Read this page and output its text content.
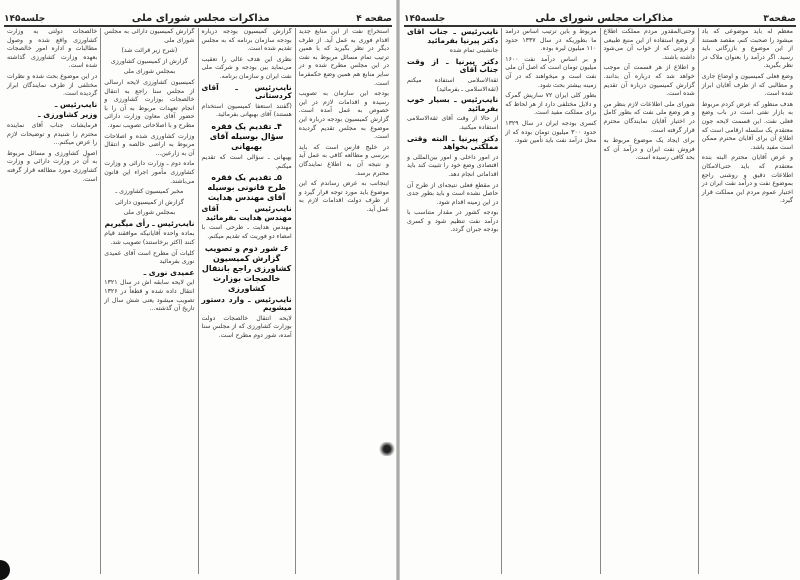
صفحه ۴
مذاکرات مجلس شورای ملی
جلسه۱۴۵

استخراج نفت از این منابع جدید اقدام فوری به عمل آید. از طرف دیگر در نظر بگیرید که با همین ترتیب تمام مسائل مربوط به نفت در این مجلس مطرح شده و در سایر منابع هم همین وضع حکمفرما است.

بودجه این سازمان به تصویب رسیده و اقدامات لازم در این خصوص به عمل آمده است. گزارش کمیسیون بودجه درباره این موضوع به مجلس تقدیم گردیده است.

در خلیج فارس است که باید بررسی و مطالعه کافی به عمل آید و نتیجه آن به اطلاع نمایندگان محترم برسد.

اینجانب به عرض رساندم که این موضوع باید مورد توجه قرار گیرد و از طرف دولت اقدامات لازم به عمل آید.

گزارش کمیسیون بودجه درباره بودجه سازمان برنامه که به مجلس تقدیم شده است.

نظری این هدف عالی را تعقیب می‌نماید بین بودجه و شرکت ملی نفت ایران و سازمان برنامه.

نایب‌رئیس ـ آقای کردستانی

(گفتند استعفا کمیسیون استخدام هستند) آقای بهبهانی بفرمائید.

۴ـ تقدیم یک فقره سؤال بوسیله آقای بهبهانی

بهبهانی ـ سؤالی است که تقدیم میکنم.

۵ـ تقدیم یک فقره طرح قانونی بوسیله آقای مهندس هدایت

نایب‌رئیس ـ آقای مهندس هدایت بفرمائید

مهندس هدایت ـ طرحی است با امضاء دو فوریت که تقدیم میکنم.

۶ـ شور دوم و تصویب گزارش کمیسیون کشاورزی راجع بانتقال خالصجات بوزارت کشاورزی

نایب‌رئیس ـ وارد دستور میشویم

لایحه انتقال خالصجات دولت بوزارت کشاورزی که از مجلس سنا آمده، شور دوم مطرح است.

گزارش کمیسیون دارائی به مجلس شورای ملی

(شرح زیر قرائت شد)

گزارش از کمیسیون کشاورزی

بمجلس شورای ملی

کمیسیون کشاورزی لایحه ارسالی از مجلس سنا راجع به انتقال خالصجات بوزارت کشاورزی و انجام تعهدات مربوط به آن را با حضور آقای معاون وزارت دارائی مطرح و با اصلاحاتی تصویب نمود.

وزارت کشاورزی شده و اصلاحات مربوط به اراضی خالصه و انتقال آن به زارعین...

ماده دوم ـ وزارت دارائی و وزارت کشاورزی مأمور اجراء این قانون می‌باشند.

مخبر کمیسیون کشاورزی ـ

گزارش از کمیسیون دارائی

بمجلس شورای ملی

نایب‌رئیس ـ رأی میگیریم

بماده واحده آقایانیکه موافقند قیام کنند (اکثر برخاستند) تصویب شد.

کلیات آن مطرح است آقای عمیدی نوری بفرمائید

عمیدی نوری ـ

این لایحه سابقه اش در سال ۱۳۲۱ انتقال داده شده و قطعاً در ۱۳۲۶ تصویب میشود یعنی شش سال از تاریخ آن گذشته...

خالصجات دولتی به وزارت کشاورزی واقع شده و وصول مطالبات و اداره امور خالصجات بعهده وزارت کشاورزی گذاشته شده است.

در این موضوع بحث شده و نظرات مختلفی از طرف نمایندگان ابراز گردیده است.

نایب‌رئیس ـ

وزیر کشاورزی ـ

فرمایشات جناب آقای نماینده محترم را شنیدم و توضیحات لازم را عرض میکنم...

اصول کشاورزی و مسائل مربوط به آن در وزارت دارائی و وزارت کشاورزی مورد مطالعه قرار گرفته است.

صفحه۳
مذاکرات مجلس شورای ملی
جلسه۱۴۵

معظم له باید موضوعی که یاد میشود را صحبت کنم، مقصد هستند از این موضوع و بازرگانی باید رسید. اگر درآمد را بعنوان ملاک در نظر بگیرید.

وضع فعلی کمیسیون و اوضاع جاری و مطالبی که از طرف آقایان ابراز شده است.

هدف منظور که عرض کردم مربوط به بازار نفتی است در باب وضع فعلی نفت. این قسمت لایحه جون معتقدم یک سلسله ارقامی است که اطلاع آن برای آقایان محترم ممکن است مفید باشد.

و عرض آقایان محترم البته بنده معتقدم که باید حتی‌الامکان اطلاعات دقیق و روشنی راجع بموضوع نفت و درآمد نفت ایران در اختیار عموم مردم این مملکت قرار گیرد.

وحتی‌المقدور مردم مملکت اطلاع از وضع استفاده از این منبع طبیعی و ثروتی که از خواب آن می‌شود داشته باشند.

و اطلاع از هر قسمت آن موجب خواهد شد که درباره آن بدانند. گزارش کمیسیون درباره آن تقدیم شده است.

شورای ملی اطلاعات لازم بنظر من و هر وضع ملی نفت که بطور کامل در اختیار آقایان نمایندگان محترم قرار گرفته است.

برای ایجاد یک موضوع مربوط به فروش نفت ایران و درآمد آن که بحد کافی رسیده است.

مربوط و باین ترتیب اساس درآمد ما بطوریکه در سال ۱۳۳۷ حدود ۱۱۰ میلیون لیره بوده.

و بر اساس درآمد نفت ۱۶۰۰ میلیون تومان است که اصل آن ملی نفت است و میخواهند که در آن زمینه بیشتر بحث شود.

بطور کلی ایران ۷۲ ساریش گمرک و دلایل مختلفی دارد از هر لحاظ که برای مملکت مفید است.

کسری بودجه ایران در سال ۱۳۲۹ حدود ۳۰۰ میلیون تومان بوده که از محل درآمد نفت باید تأمین شود.

نایب‌رئیس ـ جناب آقای دکتر پیرنیا بفرمائید

جانشینی تمام شده

دکتر پیرنیا ـ از وقت جناب آقای

ثقةالاسلامی استفاده میکنم (ثقةالاسلامی ـ بفرمائید)

نایب‌رئیس ـ بسیار خوب بفرمائید

از حالا از وقت آقای ثقةالاسلامی استفاده میکنید.

دکتر پیرنیا ـ البته وقتی مملکتی بخواهد

در امور داخلی و امور بین‌المللی و اقتصادی وضع خود را تثبیت کند باید اقداماتی انجام دهد.

در مقطع فعلی نتیجه‌ای از طرح آن حاصل نشده است و باید بطور جدی در این زمینه اقدام شود.

بودجه کشور در مقدار متناسب با درآمد نفت تنظیم شود و کسری بودجه جبران گردد.
